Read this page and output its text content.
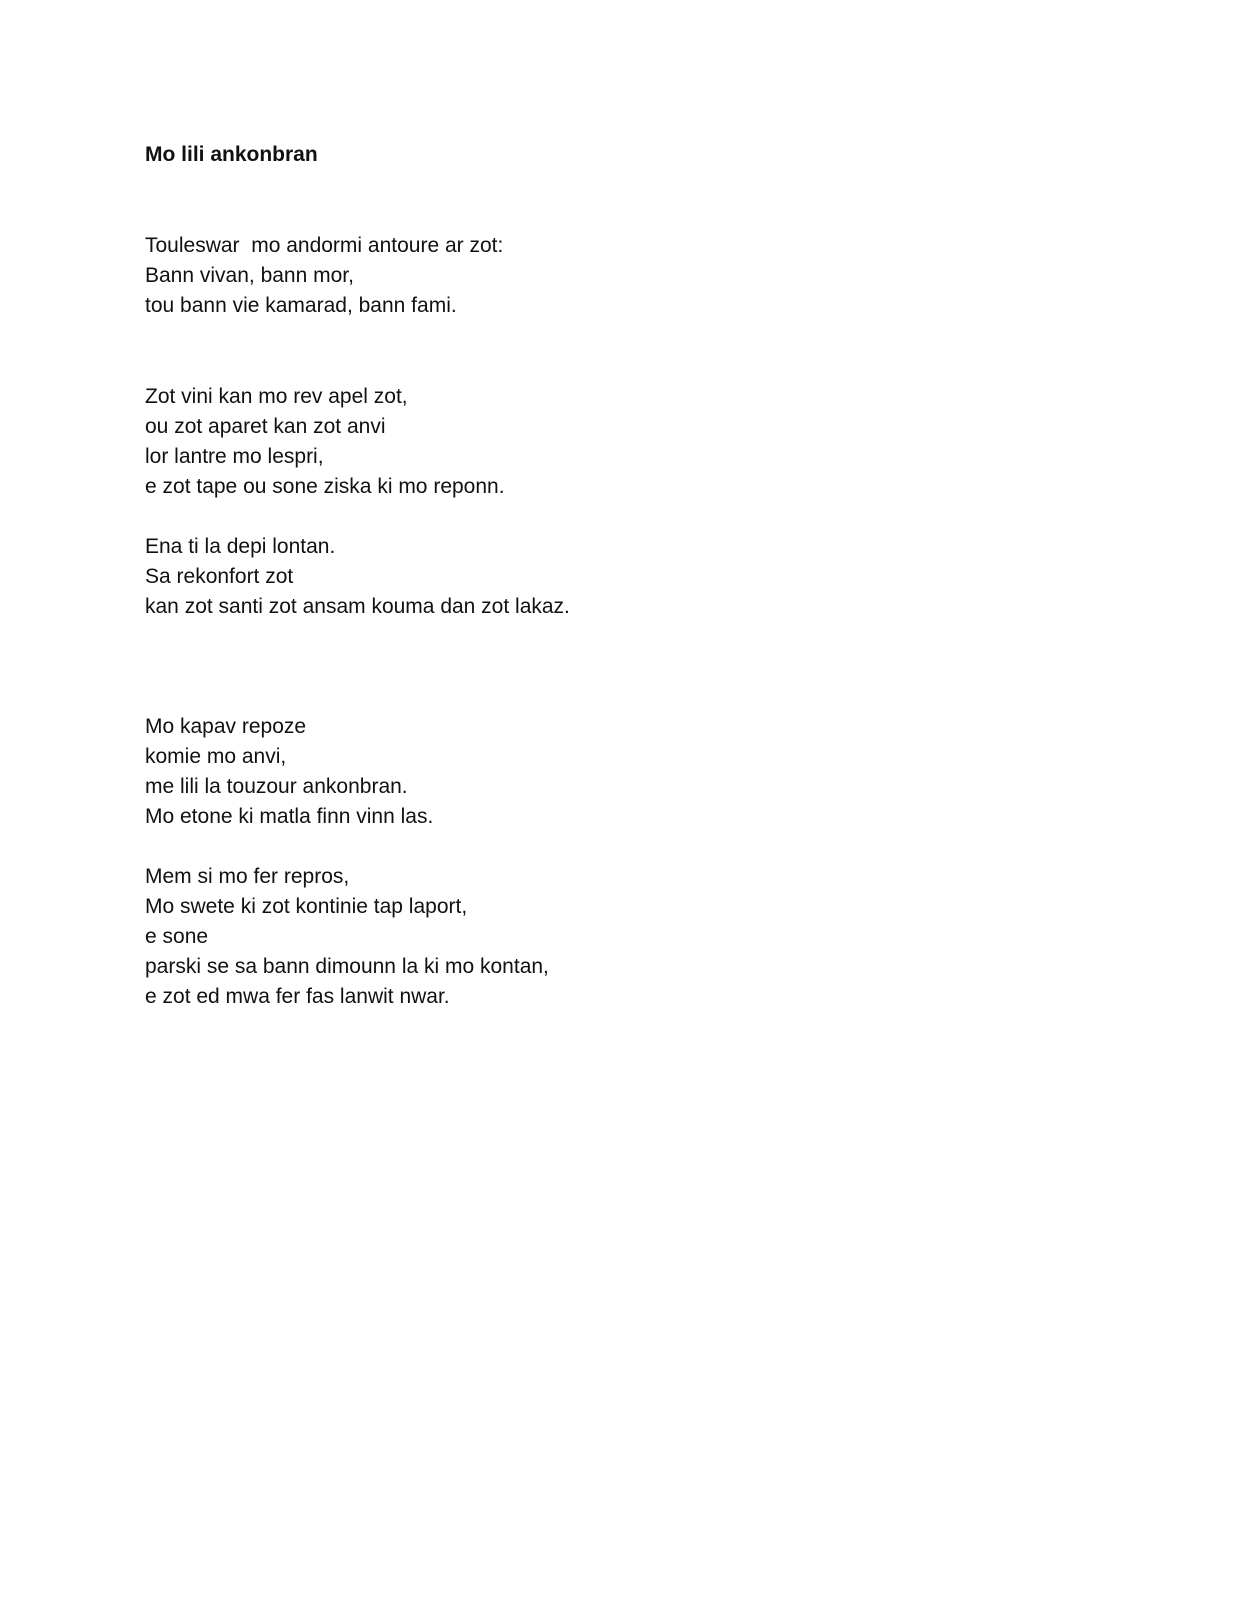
Mo lili ankonbran
Touleswar  mo andormi antoure ar zot:
Bann vivan, bann mor,
tou bann vie kamarad, bann fami.
Zot vini kan mo rev apel zot,
ou zot aparet kan zot anvi
lor lantre mo lespri,
e zot tape ou sone ziska ki mo reponn.
Ena ti la depi lontan.
Sa rekonfort zot
kan zot santi zot ansam kouma dan zot lakaz.
Mo kapav repoze
komie mo anvi,
me lili la touzour ankonbran.
Mo etone ki matla finn vinn las.
Mem si mo fer repros,
Mo swete ki zot kontinie tap laport,
e sone
parski se sa bann dimounn la ki mo kontan,
e zot ed mwa fer fas lanwit nwar.
